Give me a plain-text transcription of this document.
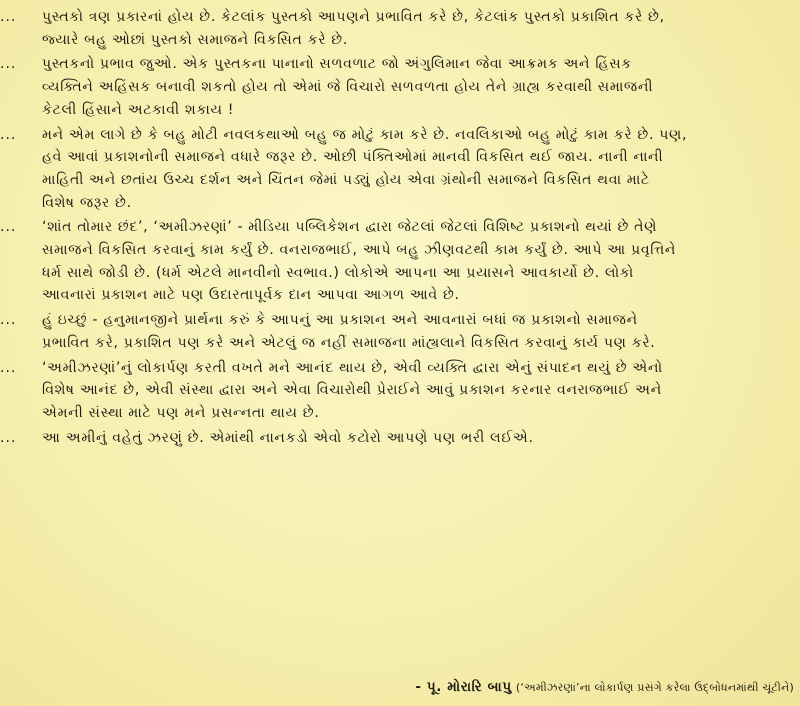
...	પુસ્તકો ત્રણ પ્રકારનાં હોય છે. કેટલાંક પુસ્તકો આપણને પ્રભાવિત કરે છે, કેટલાંક પુસ્તકો પ્રકાશિત કરે છે,
જ્યારે બહુ ઓછાં પુસ્તકો સમાજને વિકસિત કરે છે.
...	પુસ્તકનો પ્રભાવ જુઓ. એક પુસ્તકના પાનાનો સળવળાટ જો અંગુલિમાન જેવા આક્રમક અને હિંસક
વ્યક્તિને અહિંસક બનાવી શકતો હોય તો એમાં જે વિચારો સળવળતા હોય તેને ગ્રાહ્ય કરવાથી સમાજની
કેટલી હિંસાને અટકાવી શકાય !
...	મને એમ લાગે છે કે બહુ મોટી નવલકથાઓ બહુ જ મોટું કામ કરે છે. નવલિકાઓ બહુ મોટું કામ કરે છે. પણ,
હવે આવાં પ્રકાશનોની સમાજને વધારે જરૂર છે. ઓછી પંક્તિઓમાં માનવી વિકસિત થઈ જાય. નાની નાની
માહિતી અને છતાંય ઉચ્ચ દર્શન અને ચિંતન જેમાં પડ્યું હોય એવા ગ્રંથોની સમાજને વિકસિત થવા માટે
વિશેષ જરૂર છે.
...	‘શાંત તોમાર છંદ’, ‘અમીઝરણાં’ - મીડિયા પબ્લિકેશન દ્વારા જેટલાં જેટલાં વિશિષ્ટ પ્રકાશનો થયાં છે તેણે
સમાજને વિકસિત કરવાનું કામ કર્યું છે. વનરાજભાઈ, આપે બહુ ઝીણવટથી કામ કર્યું છે. આપે આ પ્રવૃત્તિને
ધર્મ સાથે જોડી છે. (ધર્મ એટલે માનવીનો સ્વભાવ.) લોકોએ આપના આ પ્રયાસને આવકાર્યો છે. લોકો
આવનારાં પ્રકાશન માટે પણ ઉદારતાપૂર્વક દાન આપવા આગળ આવે છે.
...	હું ઇચ્છું - હનુમાનજીને પ્રાર્થના કરું કે આપનું આ પ્રકાશન અને આવનારાં બધાં જ પ્રકાશનો સમાજને
પ્રભાવિત કરે, પ્રકાશિત પણ કરે અને એટલું જ નહીં સમાજના માંહ્યલાને વિકસિત કરવાનું કાર્ય પણ કરે.
...	‘અમીઝરણાં’નું લોકાર્પણ કરતી વખતે મને આનંદ થાય છે, એવી વ્યક્તિ દ્વારા એનું સંપાદન થયું છે એનો
વિશેષ આનંદ છે, એવી સંસ્થા દ્વારા અને એવા વિચારોથી પ્રેરાઈને આવું પ્રકાશન કરનાર વનરાજભાઈ અને
એમની સંસ્થા માટે પણ મને પ્રસન્નતા થાય છે.
...	આ અમીનું વહેતું ઝરણું છે. એમાંથી નાનકડો એવો કટોરો આપણે પણ ભરી લઈએ.
- પૂ. મોરારિ બાપુ (‘અમીઝરણાં’ના લોકાર્પણ પ્રસંગે કરેલા ઉદ્‌બોધનમાંથી ચૂંટીને)
